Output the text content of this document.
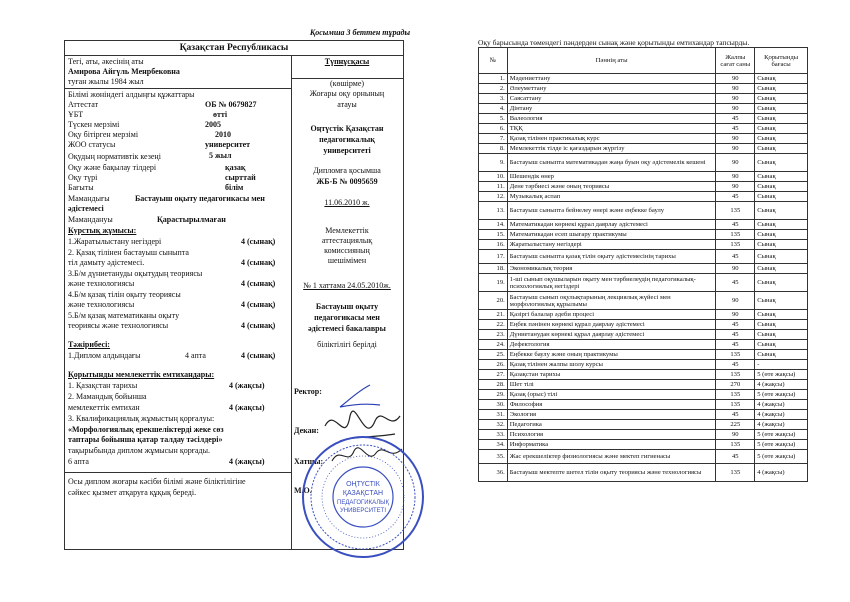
Қосымша 3 беттен тұрады
Қазақстан Республикасы
Тегі, аты, әкесінің аты
Амирова Айгүль Менрбековна
туған жылы 1984 жыл
Білімі жөніндегі алдыңғы құжаттары
Аттестат	ОБ № 0679827
ҰБТ	өтті
Түскен мерзімі	2005
Оқу бітірген мерзімі	2010
ЖОО статусы	университет
Оқудың нормативтік кезеңі	5 жыл
Оқу және бақылау тілдері	қазақ
Оқу түрі	сырттай
Бағыты	білім
Мамандығы	Бастауыш оқыту педагогикасы мен
әдістемесі
Маманданyы	Қарастырылмаған
Курстық жұмысы:
1.Жаратылыстану негіздері	4 (сынақ)
2. Қазақ тілінен бастауыш сыныпта
тіл дамыту әдістемесі.	4 (сынақ)
3.Б/м дүниетануды оқытудың теориясы
және технологиясы	4 (сынақ)
4.Б/м қазақ тілін оқыту теориясы
және технологиясы	4 (сынақ)
5.Б/м қазақ математиканы оқыту
теориясы және технологиясы	4 (сынақ)
Тәжірибесі:
1.Диплом алдындағы	4 апта	4 (сынақ)
Қорытынды мемлекеттік емтихандары:
1. Қазақстан тарихы	4 (жақсы)
2. Мамандық бойынша
мемлекеттік емтихан	4 (жақсы)
3. Квалификациялық жұмыстың қорғалуы:
«Морфологиялық ерекшеліктерді жеке сөз
таптары бойынша қатар талдау тәсілдері»
тақырыбында диплом жұмысын қорғады.
6 апта	4 (жақсы)
Осы диплом жоғары кәсіби білімі және біліктілігіне
сәйкес қызмет атқаруға құқық береді.
Түпнұсқасы
(көшірме)
Жоғары оқу орнының
атауы
Оңтүстік Қазақстан
педагогикалық
университеті
Дипломға қосымша
ЖБ-Б № 0095659
11.06.2010 ж.
Мемлекеттік
аттестациялық
комиссияның
шешімімен
№ 1 хаттама 24.05.2010ж.
Бастауыш оқыту
педагогикасы мен
әдістемесі бакалавры
біліктілігі берілді
Ректор:
Декан:
Хатшы:
М.О.
ОҢТҮСТІК
ҚАЗАҚСТАН
ПЕДАГОГИКАЛЫҚ
УНИВЕРСИТЕТІ
Оқу барысында төмендегі пәндерден сынақ және қорытынды емтихандар тапсырды.
№	Пәннің аты	Жалпы сағат саны	Қорытынды бағасы
1.	Мәдениеттану	90	Сынақ
2.	Әлеуметтану	90	Сынақ
3.	Саясаттану	90	Сынақ
4.	Дінтану	90	Сынақ
5.	Валеология	45	Сынақ
6.	ТҚҚ	45	Сынақ
7.	Қазақ тілінен практикалық курс	90	Сынақ
8.	Мемлекеттік тілде іс қағаздарын жүргізу	90	Сынақ
9.	Бастауыш сыныпта математикадан жаңа буын оқу әдістемелік кешені	90	Сынақ
10.	Шешендік өнер	90	Сынақ
11.	Дене тәрбиесі және оның теориясы	90	Сынақ
12.	Музыкалық аспап	45	Сынақ
13.	Бастауыш сыныпта бейнелеу өнері және еңбекке баулу	135	Сынақ
14.	Математикадан көрнекі құрал даярлау әдістемесі	45	Сынақ
15.	Математикадан есеп шығару практикумы	135	Сынақ
16.	Жаратылыстану негіздері	135	Сынақ
17.	Бастауыш сыныпта қазақ тілін оқыту әдістемесінің тарихы	45	Сынақ
18.	Экономикалық теория	90	Сынақ
19.	1-ші сынып оқушыларын оқыту мен тәрбиелеудің педагогикалық- психологиялық негіздері	45	Сынақ
20.	Бастауыш сынып оқулықтарының лекциялық жүйесі мен морфологиялық құрылымы	90	Сынақ
21.	Қазіргі балалар әдеби процесі	90	Сынақ
22.	Еңбек пәнінен көрнекі құрал даярлау әдістемесі	45	Сынақ
23.	Дүниетанудан көрнекі құрал даярлау әдістемесі	45	Сынақ
24.	Дефектология	45	Сынақ
25.	Еңбекке баулу және оның практикумы	135	Сынақ
26.	Қазақ тілінен жалпы шолу курсы	45	-
27.	Қазақстан тарихы	135	5 (өте жақсы)
28.	Шет тілі	270	4 (жақсы)
29.	Қазақ (орыс) тілі	135	5 (өте жақсы)
30.	Философия	135	4 (жақсы)
31.	Экология	45	4 (жақсы)
32.	Педагогика	225	4 (жақсы)
33.	Психология	90	5 (өте жақсы)
34.	Информатика	135	5 (өте жақсы)
35.	Жас ерекшеліктер физиологиясы және мектеп гигиенасы	45	5 (өте жақсы)
36.	Бастауыш мектепте шетел тілін оқыту теориясы және технологиясы	135	4 (жақсы)
